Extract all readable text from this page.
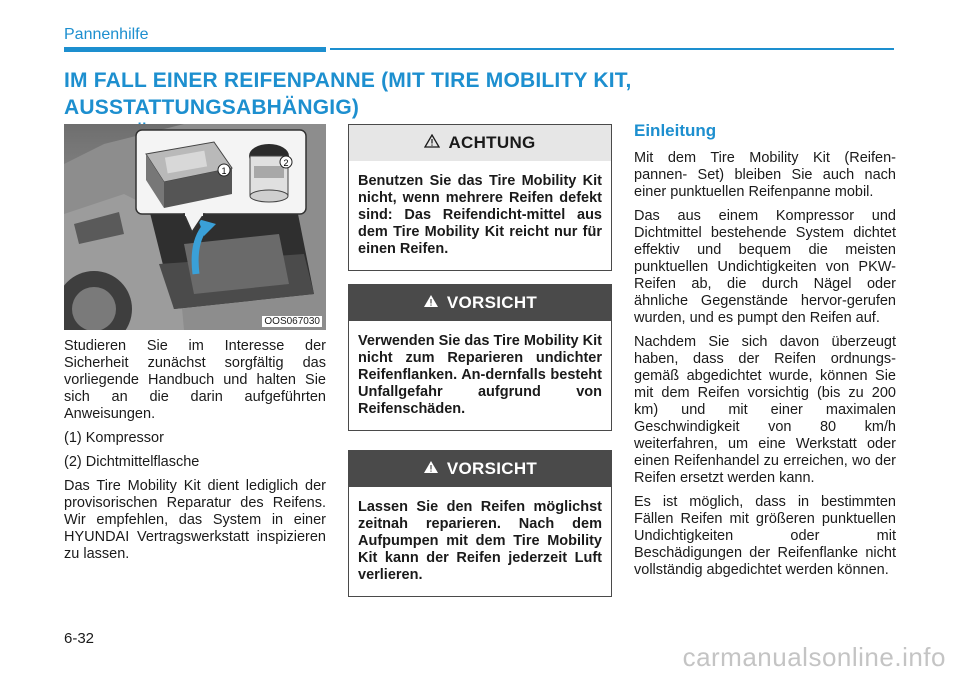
Pannenhilfe
IM FALL EINER REIFENPANNE (MIT TIRE MOBILITY KIT, AUSSTATTUNGSABHÄNGIG)
1
2
OOS067030

Studieren Sie im Interesse der Sicherheit zunächst sorgfältig das vorliegende Handbuch und halten Sie sich an die darin aufgeführten Anweisungen.

(1) Kompressor

(2) Dichtmittelflasche

Das Tire Mobility Kit dient lediglich der provisorischen Reparatur des Reifens. Wir empfehlen, das System in einer HYUNDAI Vertragswerkstatt inspizieren zu lassen.

ACHTUNG
Benutzen Sie das Tire Mobility Kit nicht, wenn mehrere Reifen defekt sind: Das Reifendicht-mittel aus dem Tire Mobility Kit reicht nur für einen Reifen.
VORSICHT
Verwenden Sie das Tire Mobility Kit nicht zum Reparieren undichter Reifenflanken. An-dernfalls besteht Unfallgefahr aufgrund von Reifenschäden.
VORSICHT
Lassen Sie den Reifen möglichst zeitnah reparieren. Nach dem Aufpumpen mit dem Tire Mobility Kit kann der Reifen jederzeit Luft verlieren.
Einleitung

Mit dem Tire Mobility Kit (Reifen-pannen- Set) bleiben Sie auch nach einer punktuellen Reifenpanne mobil.

Das aus einem Kompressor und Dichtmittel bestehende System dichtet effektiv und bequem die meisten punktuellen Undichtigkeiten von PKW-Reifen ab, die durch Nägel oder ähnliche Gegenstände hervor-gerufen wurden, und es pumpt den Reifen auf.

Nachdem Sie sich davon überzeugt haben, dass der Reifen ordnungs-gemäß abgedichtet wurde, können Sie mit dem Reifen vorsichtig (bis zu 200 km) und mit einer maximalen Geschwindigkeit von 80 km/h weiterfahren, um eine Werkstatt oder einen Reifenhandel zu erreichen, wo der Reifen ersetzt werden kann.

Es ist möglich, dass in bestimmten Fällen Reifen mit größeren punktuellen Undichtigkeiten oder mit Beschädigungen der Reifenflanke nicht vollständig abgedichtet werden können.

6-32
carmanualsonline.info
